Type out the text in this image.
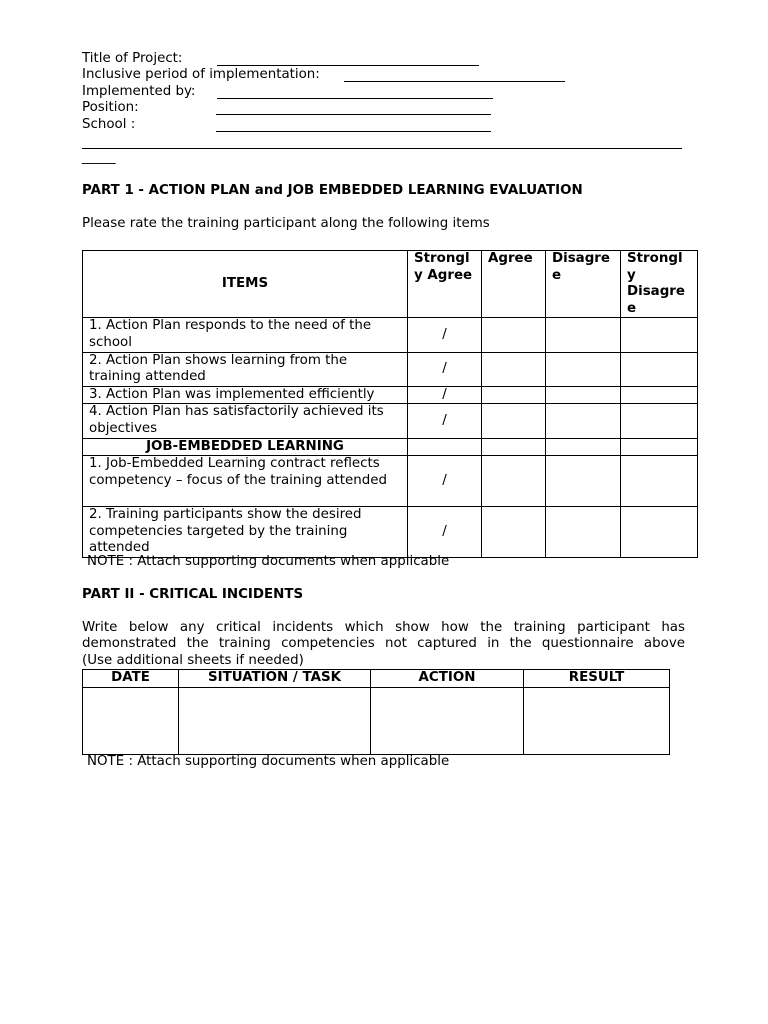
Title of Project:
Inclusive period of implementation:
Implemented by:
Position:
School :
_____
PART 1 - ACTION PLAN and JOB EMBEDDED LEARNING EVALUATION
Please rate the training participant along the following items
ITEMS	Strongl y Agree	Agree	Disagre e	Strongl y Disagre e
1. Action Plan responds to the need of the school	/			
2. Action Plan shows learning from the training attended	/			
3. Action Plan was implemented efficiently	/			
4. Action Plan has satisfactorily achieved its objectives	/			
JOB-EMBEDDED LEARNING				
1. Job-Embedded Learning contract reflects competency – focus of the training attended	/			
2. Training participants show the desired competencies targeted by the training attended	/			
NOTE : Attach supporting documents when applicable
PART II - CRITICAL INCIDENTS
Write below any critical incidents which show how the training participant has
demonstrated the training competencies not captured in the questionnaire above
(Use additional sheets if needed)
DATE	SITUATION / TASK	ACTION	RESULT

NOTE : Attach supporting documents when applicable
